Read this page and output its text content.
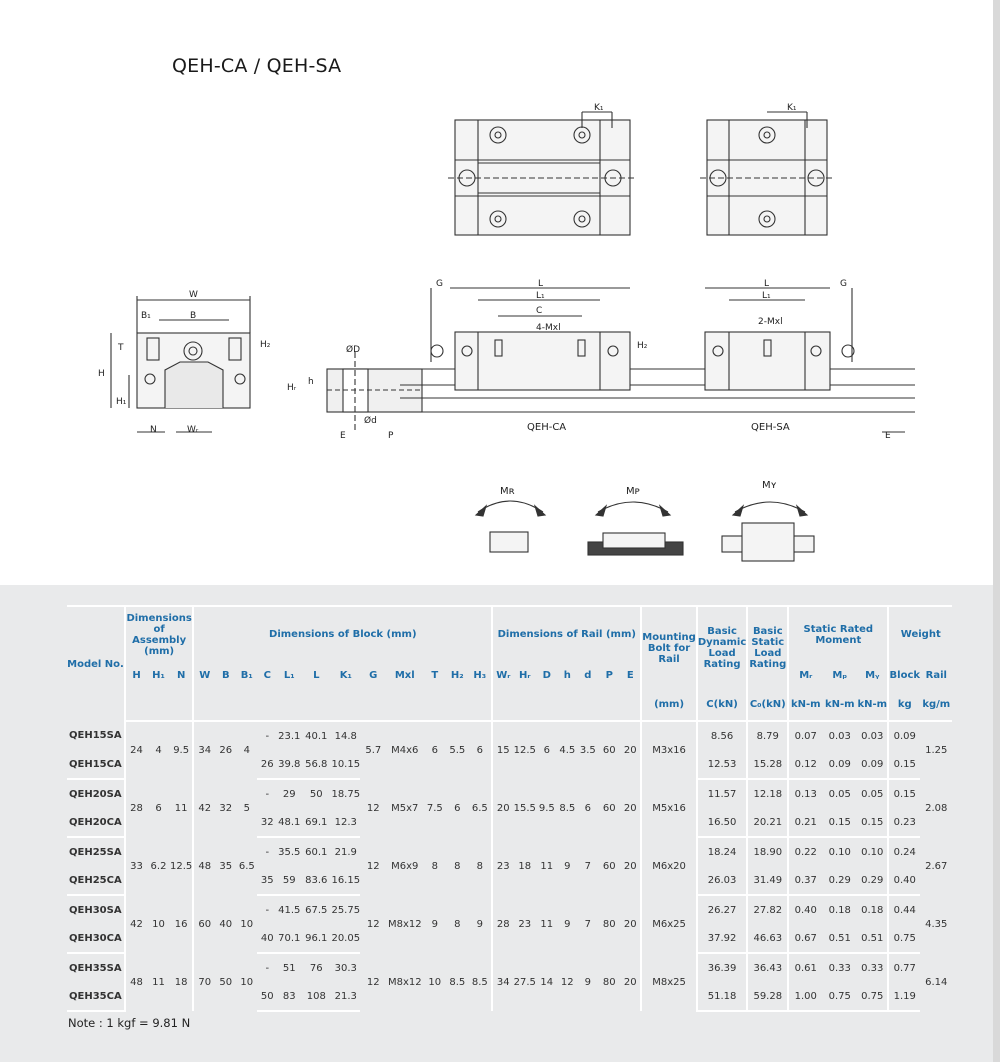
QEH-CA / QEH-SA
K₁	K₁
W
B₁	B
T	H₂
H
H₁
N	Wᵣ
ØD
Ød
Hᵣ
h
E	P
G	L
L₁
C
4-Mxl
H₂
L
L₁
G
2-Mxl
E
QEH-CA	QEH-SA
Mʀ	Mᴘ
Mʏ
Model No.	Dimensions of Assembly (mm)			Dimensions of Block (mm)												Dimensions of Rail (mm)							Mounting Bolt for Rail	Basic Dynamic Load Rating	Basic Static Load Rating	Static Rated Moment			Weight	
	H	H₁	N	W	B	B₁	C	L₁	L	K₁	G	Mxl	T	H₂	H₃	Wᵣ	Hᵣ	D	h	d	P	E				Mᵣ	Mₚ	Mᵧ	Block	Rail
																							(mm)	C(kN)	C₀(kN)	kN-m	kN-m	kN-m	kg	kg/m
QEH15SA	24	4	9.5	34	26	4	-	23.1	40.1	14.8	5.7	M4x6	6	5.5	6	15	12.5	6	4.5	3.5	60	20	M3x16	8.56	8.79	0.07	0.03	0.03	0.09	1.25
QEH15CA							26	39.8	56.8	10.15														12.53	15.28	0.12	0.09	0.09	0.15	
QEH20SA	28	6	11	42	32	5	-	29	50	18.75	12	M5x7	7.5	6	6.5	20	15.5	9.5	8.5	6	60	20	M5x16	11.57	12.18	0.13	0.05	0.05	0.15	2.08
QEH20CA							32	48.1	69.1	12.3														16.50	20.21	0.21	0.15	0.15	0.23	
QEH25SA	33	6.2	12.5	48	35	6.5	-	35.5	60.1	21.9	12	M6x9	8	8	8	23	18	11	9	7	60	20	M6x20	18.24	18.90	0.22	0.10	0.10	0.24	2.67
QEH25CA							35	59	83.6	16.15														26.03	31.49	0.37	0.29	0.29	0.40	
QEH30SA	42	10	16	60	40	10	-	41.5	67.5	25.75	12	M8x12	9	8	9	28	23	11	9	7	80	20	M6x25	26.27	27.82	0.40	0.18	0.18	0.44	4.35
QEH30CA							40	70.1	96.1	20.05														37.92	46.63	0.67	0.51	0.51	0.75	
QEH35SA	48	11	18	70	50	10	-	51	76	30.3	12	M8x12	10	8.5	8.5	34	27.5	14	12	9	80	20	M8x25	36.39	36.43	0.61	0.33	0.33	0.77	6.14
QEH35CA							50	83	108	21.3														51.18	59.28	1.00	0.75	0.75	1.19	
Note : 1 kgf = 9.81 N
